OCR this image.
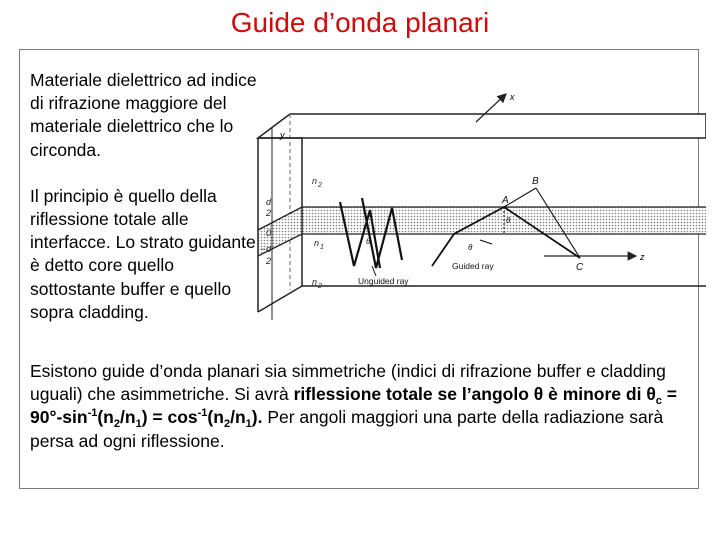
Guide d’onda planari

Materiale dielettrico ad indice di rifrazione maggiore del materiale dielettrico che lo circonda.

Il principio è quello della riflessione totale alle interfacce. Lo strato guidante è detto core quello sottostante buffer e quello sopra cladding.

y
x
z
d
2
0
− d
2
n 2
n 1
n 2
A
B
C
θ
θ
θ
Unguided ray
Guided ray
Esistono guide d’onda planari sia simmetriche (indici di rifrazione buffer e cladding uguali) che asimmetriche. Si avrà riflessione totale se l’angolo θ è minore di $\theta_c = 90^\circ-\sin^{-1}(n_2/n_1) = \cos^{-1}(n_2/n_1)$. Per angoli maggiori una parte della radiazione sarà persa ad ogni riflessione.
